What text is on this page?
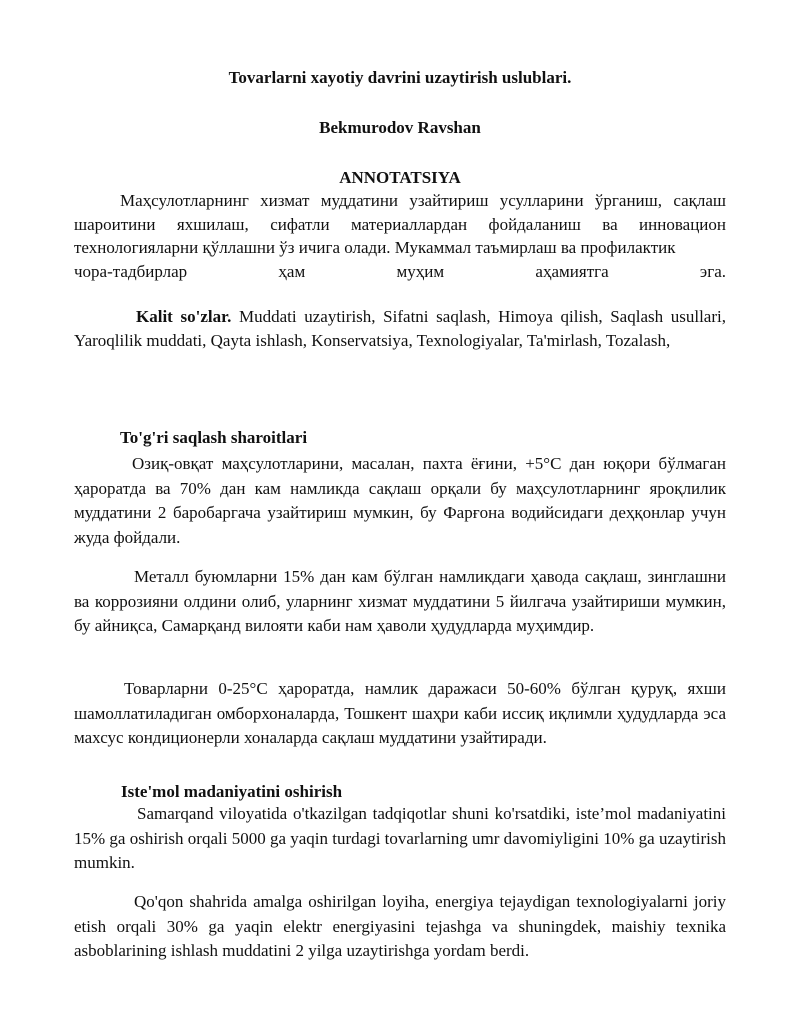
Tovarlarni xayotiy davrini uzaytirish uslublari.
Bekmurodov Ravshan
ANNOTATSIYA
Маҳсулотларнинг хизмат муддатини узайтириш усулларини ўрганиш, сақлаш шароитини яхшилаш, сифатли материаллардан фойдаланиш ва инновацион технологияларни қўллашни ўз ичига олади. Мукаммал таъмирлаш ва профилактик
чора-тадбирлар ҳам муҳим аҳамиятга эга.
Kalit so'zlar. Muddati uzaytirish, Sifatni saqlash, Himoya qilish, Saqlash usullari, Yaroqlilik muddati, Qayta ishlash, Konservatsiya, Texnologiyalar, Ta'mirlash, Tozalash,
To'g'ri saqlash sharoitlari
Озиқ-овқат маҳсулотларини, масалан, пахта ёғини, +5°C дан юқори бўлмаган ҳароратда ва 70% дан кам намликда сақлаш орқали бу маҳсулотларнинг яроқлилик муддатини 2 баробаргача узайтириш мумкин, бу Фарғона водийсидаги деҳқонлар учун жуда фойдали.
Металл буюмларни 15% дан кам бўлган намликдаги ҳавода сақлаш, зинглашни ва коррозияни олдини олиб, уларнинг хизмат муддатини 5 йилгача узайтириши мумкин, бу айниқса, Самарқанд вилояти каби нам ҳаволи ҳудудларда муҳимдир.
Товарларни 0-25°C ҳароратда, намлик даражаси 50-60% бўлган қуруқ, яхши шамоллатиладиган омборхоналарда, Тошкент шаҳри каби иссиқ иқлимли ҳудудларда эса махсус кондиционерли хоналарда сақлаш муддатини узайтиради.
Iste'mol madaniyatini oshirish
Samarqand viloyatida o'tkazilgan tadqiqotlar shuni ko'rsatdiki, iste’mol madaniyatini 15% ga oshirish orqali 5000 ga yaqin turdagi tovarlarning umr davomiyligini 10% ga uzaytirish mumkin.
Qo'qon shahrida amalga oshirilgan loyiha, energiya tejaydigan texnologiyalarni joriy etish orqali 30% ga yaqin elektr energiyasini tejashga va shuningdek, maishiy texnika asboblarining ishlash muddatini 2 yilga uzaytirishga yordam berdi.
